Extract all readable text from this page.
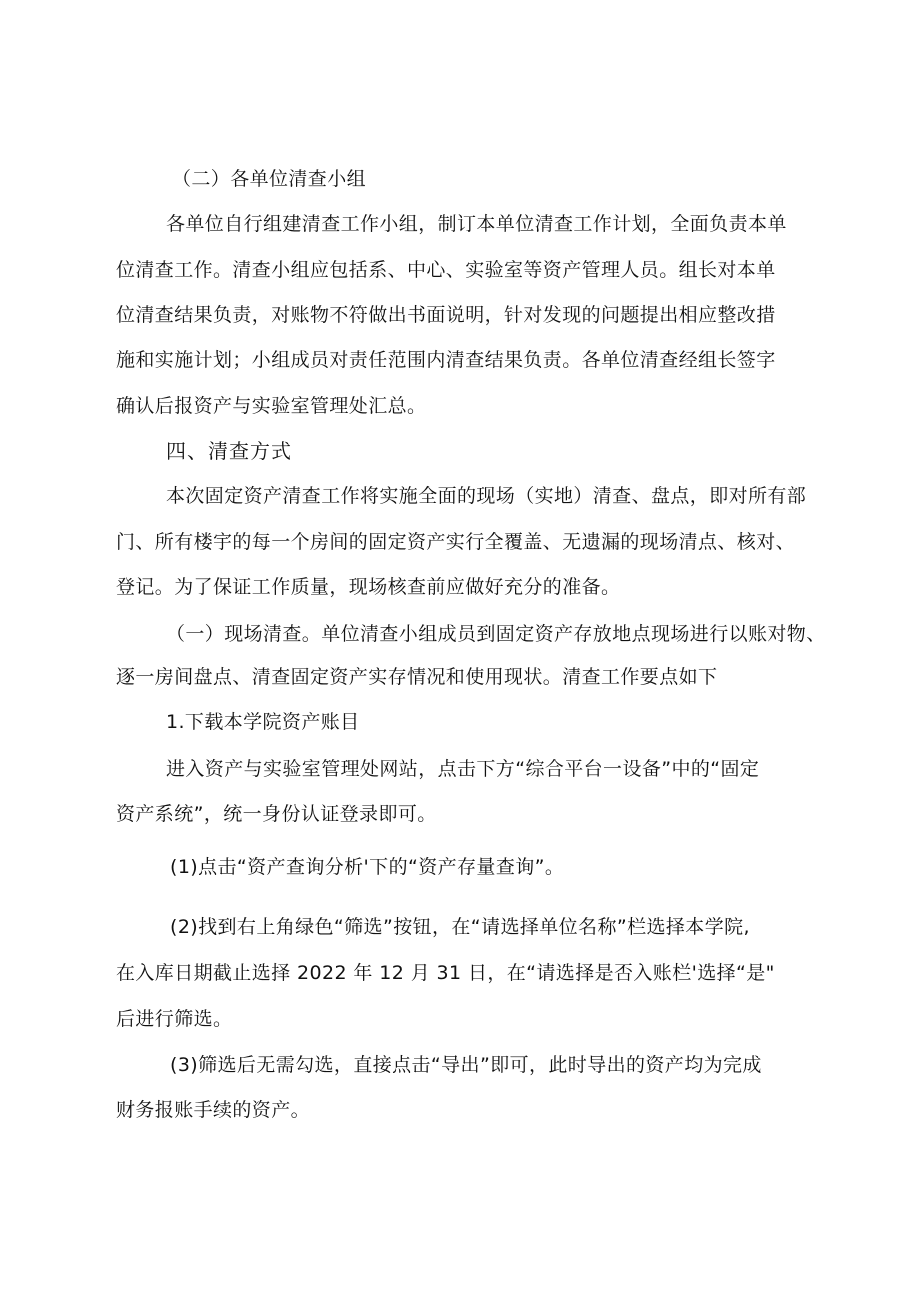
（二）各单位清查小组
各单位自行组建清查工作小组，制订本单位清查工作计划，全面负责本单
位清查工作。清查小组应包括系、中心、实验室等资产管理人员。组长对本单
位清查结果负责，对账物不符做出书面说明，针对发现的问题提出相应整改措
施和实施计划；小组成员对责任范围内清查结果负责。各单位清查经组长签字
确认后报资产与实验室管理处汇总。
四、清查方式
本次固定资产清查工作将实施全面的现场（实地）清查、盘点，即对所有部
门、所有楼宇的每一个房间的固定资产实行全覆盖、无遗漏的现场清点、核对、
登记。为了保证工作质量，现场核查前应做好充分的准备。
（一）现场清查。单位清查小组成员到固定资产存放地点现场进行以账对物、
逐一房间盘点、清查固定资产实存情况和使用现状。清查工作要点如下
1.下载本学院资产账目
进入资产与实验室管理处网站，点击下方“综合平台一设备”中的“固定
资产系统”，统一身份认证登录即可。
(1)点击“资产查询分析'下的“资产存量查询”。
(2)找到右上角绿色“筛选”按钮，在“请选择单位名称”栏选择本学院,
在入库日期截止选择 2022 年 12 月 31 日，在“请选择是否入账栏'选择“是"
后进行筛选。
(3)筛选后无需勾选，直接点击“导出”即可，此时导出的资产均为完成
财务报账手续的资产。
